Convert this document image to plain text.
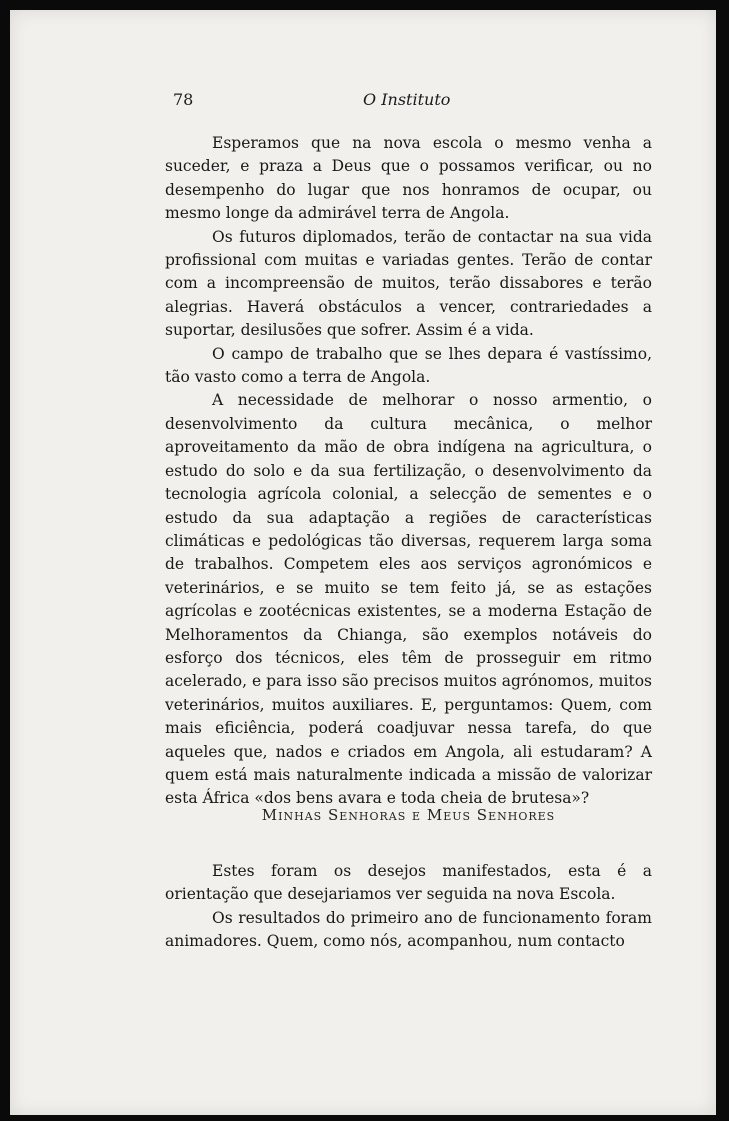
78	O Instituto

Esperamos que na nova escola o mesmo venha a suceder, e praza a Deus que o possamos verificar, ou no desempenho do lugar que nos honramos de ocupar, ou mesmo longe da admirável terra de Angola.

Os futuros diplomados, terão de contactar na sua vida profissional com muitas e variadas gentes. Terão de contar com a incompreensão de muitos, terão dissabores e terão alegrias. Haverá obstáculos a vencer, contrariedades a suportar, desilusões que sofrer. Assim é a vida.

O campo de trabalho que se lhes depara é vastíssimo, tão vasto como a terra de Angola.

A necessidade de melhorar o nosso armentio, o desenvolvimento da cultura mecânica, o melhor aproveitamento da mão de obra indígena na agricultura, o estudo do solo e da sua fertilização, o desenvolvimento da tecnologia agrícola colonial, a selecção de sementes e o estudo da sua adaptação a regiões de características climáticas e pedológicas tão diversas, requerem larga soma de trabalhos. Competem eles aos serviços agronómicos e veterinários, e se muito se tem feito já, se as estações agrícolas e zootécnicas existentes, se a moderna Estação de Melhoramentos da Chianga, são exemplos notáveis do esforço dos técnicos, eles têm de prosseguir em ritmo acelerado, e para isso são precisos muitos agrónomos, muitos veterinários, muitos auxiliares. E, perguntamos: Quem, com mais eficiência, poderá coadjuvar nessa tarefa, do que aqueles que, nados e criados em Angola, ali estudaram? A quem está mais naturalmente indicada a missão de valorizar esta África «dos bens avara e toda cheia de brutesa»?

Minhas Senhoras e Meus Senhores

Estes foram os desejos manifestados, esta é a orientação que desejariamos ver seguida na nova Escola.

Os resultados do primeiro ano de funcionamento foram animadores. Quem, como nós, acompanhou, num contacto
